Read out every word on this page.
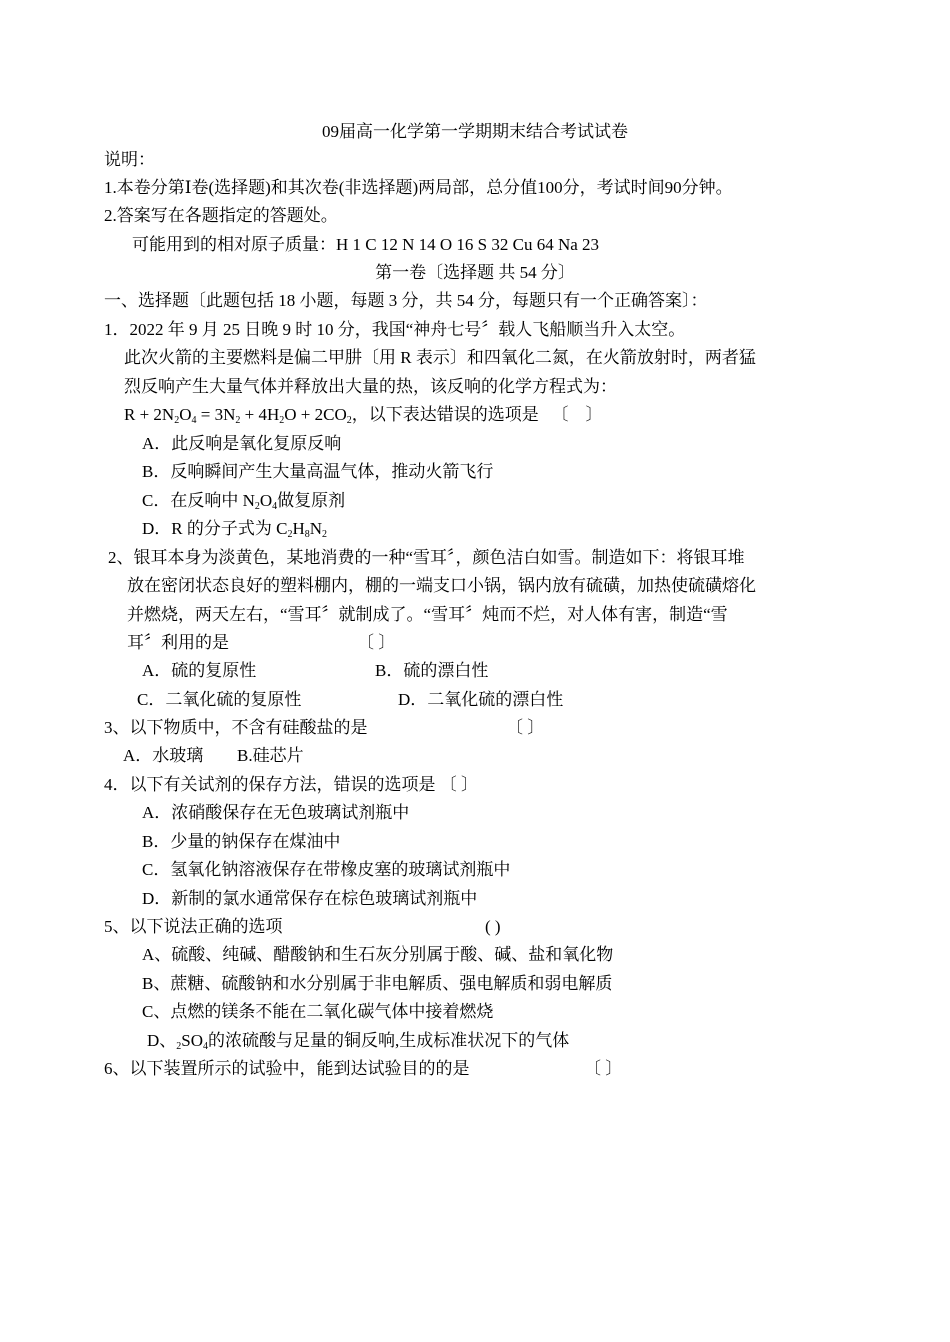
09届高一化学第一学期期末结合考试试卷
说明：
1.本卷分第Ⅰ卷(选择题)和其次卷(非选择题)两局部，总分值100分，考试时间90分钟。
2.答案写在各题指定的答题处。
可能用到的相对原子质量：H 1 C 12 N 14 O 16 S 32 Cu 64 Na 23
第一卷〔选择题 共 54 分〕
一、选择题〔此题包括 18 小题，每题 3 分，共 54 分，每题只有一个正确答案〕：
1．2022 年 9 月 25 日晚 9 时 10 分，我国“神舟七号〞载人飞船顺当升入太空。
此次火箭的主要燃料是偏二甲肼〔用 R 表示〕和四氧化二氮，在火箭放射时，两者猛
烈反响产生大量气体并释放出大量的热，该反响的化学方程式为：
$R + 2N_2O_4 = 3N_2 + 4H_2O + 2CO_2$，以下表达错误的选项是   〔    〕
A．此反响是氧化复原反响
B．反响瞬间产生大量高温气体，推动火箭飞行
C．在反响中 $N_2O_4$做复原剂
D．R 的分子式为 $C_2H_8N_2$
2、银耳本身为淡黄色，某地消费的一种“雪耳〞，颜色洁白如雪。制造如下：将银耳堆
放在密闭状态良好的塑料棚内，棚的一端支口小锅，锅内放有硫磺，加热使硫磺熔化
并燃烧，两天左右，“雪耳〞就制成了。“雪耳〞炖而不烂，对人体有害，制造“雪
耳〞利用的是	〔 〕
A．硫的复原性	B．硫的漂白性
C．二氧化硫的复原性	D．二氧化硫的漂白性
3、以下物质中，不含有硅酸盐的是	〔 〕
A．水玻璃 B.硅芯片
4．以下有关试剂的保存方法，错误的选项是 〔 〕
A．浓硝酸保存在无色玻璃试剂瓶中
B．少量的钠保存在煤油中
C．氢氧化钠溶液保存在带橡皮塞的玻璃试剂瓶中
D．新制的氯水通常保存在棕色玻璃试剂瓶中
5、以下说法正确的选项	( )
A、硫酸、纯碱、醋酸钠和生石灰分别属于酸、碱、盐和氧化物
B、蔗糖、硫酸钠和水分别属于非电解质、强电解质和弱电解质
C、点燃的镁条不能在二氧化碳气体中接着燃烧
D、$_2SO_4$的浓硫酸与足量的铜反响,生成标准状况下的气体
6、以下装置所示的试验中，能到达试验目的的是	〔 〕
